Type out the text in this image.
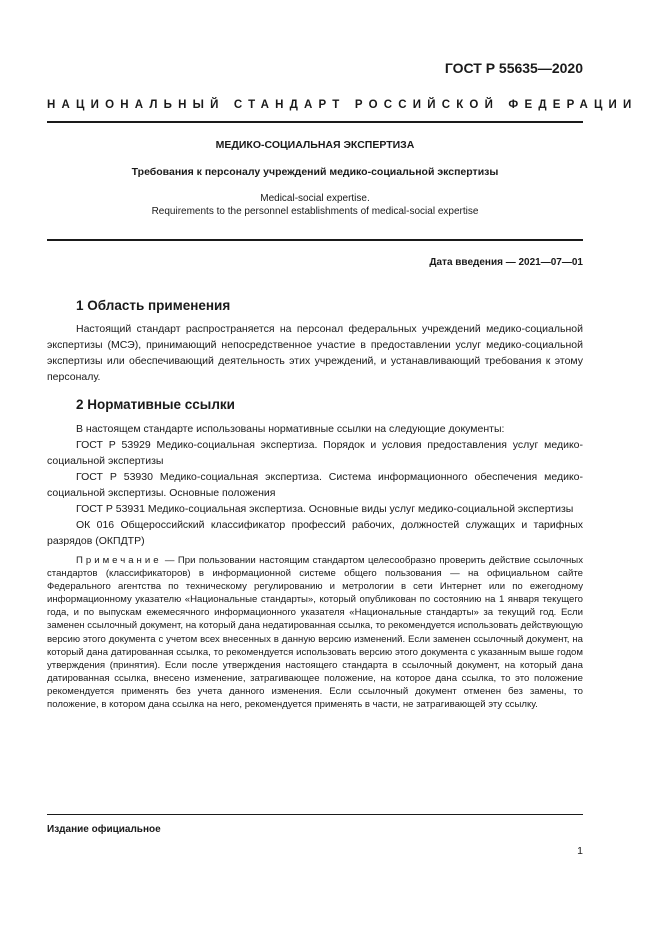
ГОСТ Р 55635—2020
НАЦИОНАЛЬНЫЙ СТАНДАРТ РОССИЙСКОЙ ФЕДЕРАЦИИ
МЕДИКО-СОЦИАЛЬНАЯ ЭКСПЕРТИЗА
Требования к персоналу учреждений медико-социальной экспертизы
Medical-social expertise.
Requirements to the personnel establishments of medical-social expertise
Дата введения — 2021—07—01
1 Область применения

Настоящий стандарт распространяется на персонал федеральных учреждений медико-социальной экспертизы (МСЭ), принимающий непосредственное участие в предоставлении услуг медико-социальной экспертизы или обеспечивающий деятельность этих учреждений, и устанавливающий требования к этому персоналу.

2 Нормативные ссылки

В настоящем стандарте использованы нормативные ссылки на следующие документы:

ГОСТ Р 53929 Медико-социальная экспертиза. Порядок и условия предоставления услуг медико-социальной экспертизы

ГОСТ Р 53930 Медико-социальная экспертиза. Система информационного обеспечения медико-социальной экспертизы. Основные положения

ГОСТ Р 53931 Медико-социальная экспертиза. Основные виды услуг медико-социальной экспертизы

ОК 016 Общероссийский классификатор профессий рабочих, должностей служащих и тарифных разрядов (ОКПДТР)

Примечание — При пользовании настоящим стандартом целесообразно проверить действие ссылочных стандартов (классификаторов) в информационной системе общего пользования — на официальном сайте Федерального агентства по техническому регулированию и метрологии в сети Интернет или по ежегодному информационному указателю «Национальные стандарты», который опубликован по состоянию на 1 января текущего года, и по выпускам ежемесячного информационного указателя «Национальные стандарты» за текущий год. Если заменен ссылочный документ, на который дана недатированная ссылка, то рекомендуется использовать действующую версию этого документа с учетом всех внесенных в данную версию изменений. Если заменен ссылочный документ, на который дана датированная ссылка, то рекомендуется использовать версию этого документа с указанным выше годом утверждения (принятия). Если после утверждения настоящего стандарта в ссылочный документ, на который дана датированная ссылка, внесено изменение, затрагивающее положение, на которое дана ссылка, то это положение рекомендуется применять без учета данного изменения. Если ссылочный документ отменен без замены, то положение, в котором дана ссылка на него, рекомендуется применять в части, не затрагивающей эту ссылку.
Издание официальное
1
